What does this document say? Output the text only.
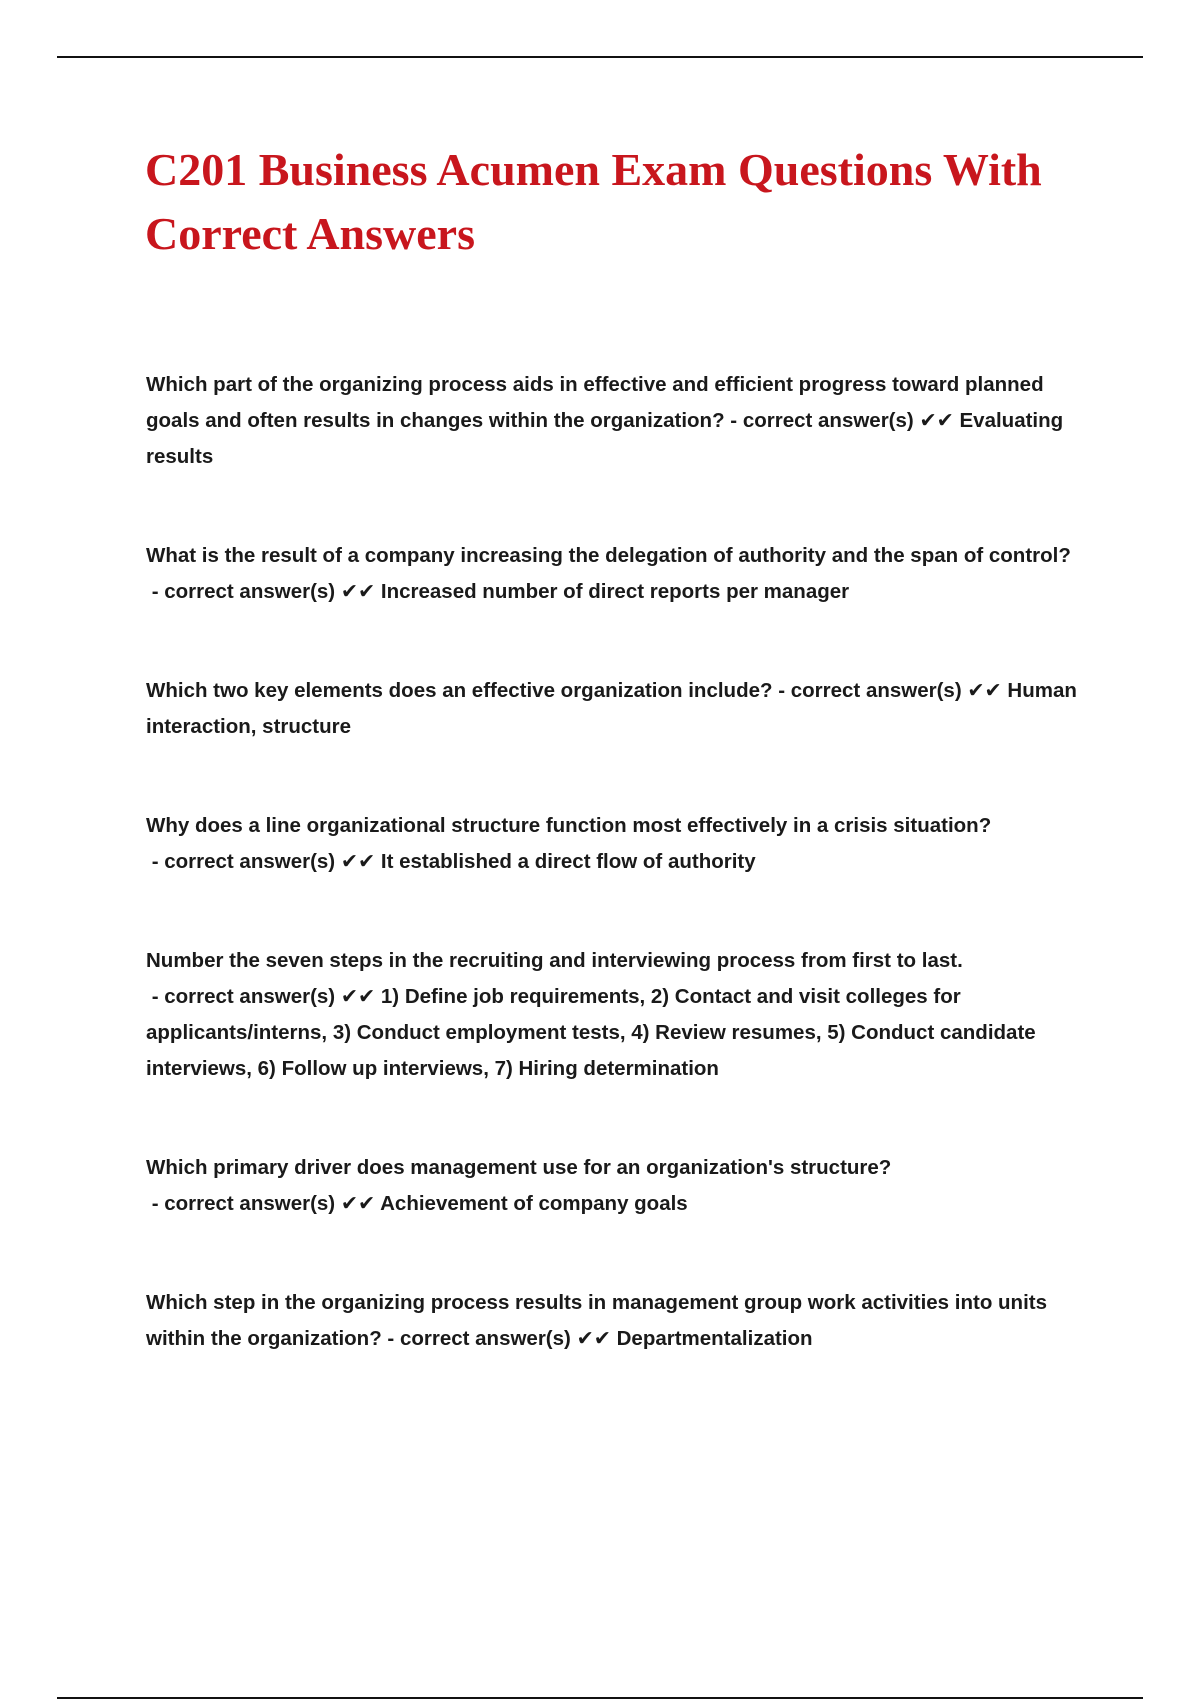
C201 Business Acumen Exam Questions With Correct Answers

Which part of the organizing process aids in effective and efficient progress toward planned goals and often results in changes within the organization? - correct answer(s) ✔✔ Evaluating results

What is the result of a company increasing the delegation of authority and the span of control? - correct answer(s) ✔✔ Increased number of direct reports per manager

Which two key elements does an effective organization include? - correct answer(s) ✔✔ Human interaction, structure

Why does a line organizational structure function most effectively in a crisis situation? - correct answer(s) ✔✔ It established a direct flow of authority

Number the seven steps in the recruiting and interviewing process from first to last. - correct answer(s) ✔✔ 1) Define job requirements, 2) Contact and visit colleges for applicants/interns, 3) Conduct employment tests, 4) Review resumes, 5) Conduct candidate interviews, 6) Follow up interviews, 7) Hiring determination

Which primary driver does management use for an organization's structure? - correct answer(s) ✔✔ Achievement of company goals

Which step in the organizing process results in management group work activities into units within the organization? - correct answer(s) ✔✔ Departmentalization
